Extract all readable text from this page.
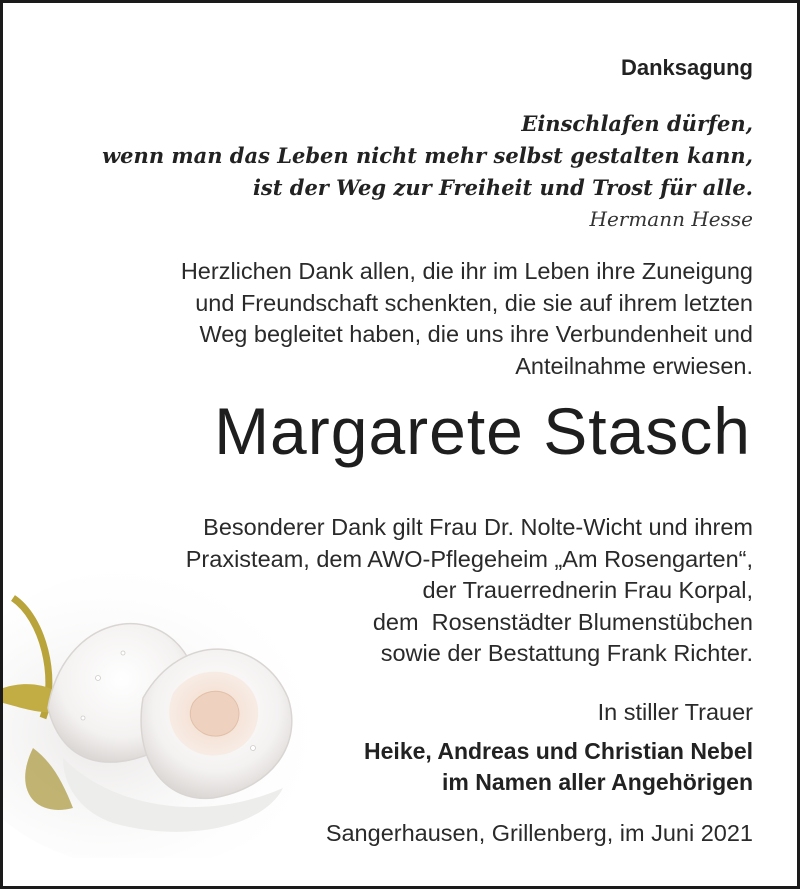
Danksagung
Einschlafen dürfen,
wenn man das Leben nicht mehr selbst gestalten kann,
ist der Weg zur Freiheit und Trost für alle.
Hermann Hesse
Herzlichen Dank allen, die ihr im Leben ihre Zuneigung
und Freundschaft schenkten, die sie auf ihrem letzten
Weg begleitet haben, die uns ihre Verbundenheit und
Anteilnahme erwiesen.
Margarete Stasch
Besonderer Dank gilt Frau Dr. Nolte-Wicht und ihrem
Praxisteam, dem AWO-Pflegeheim „Am Rosengarten“,
der Trauerrednerin Frau Korpal,
dem  Rosenstädter Blumenstübchen
sowie der Bestattung Frank Richter.
In stiller Trauer
Heike, Andreas und Christian Nebel
im Namen aller Angehörigen
Sangerhausen, Grillenberg, im Juni 2021
